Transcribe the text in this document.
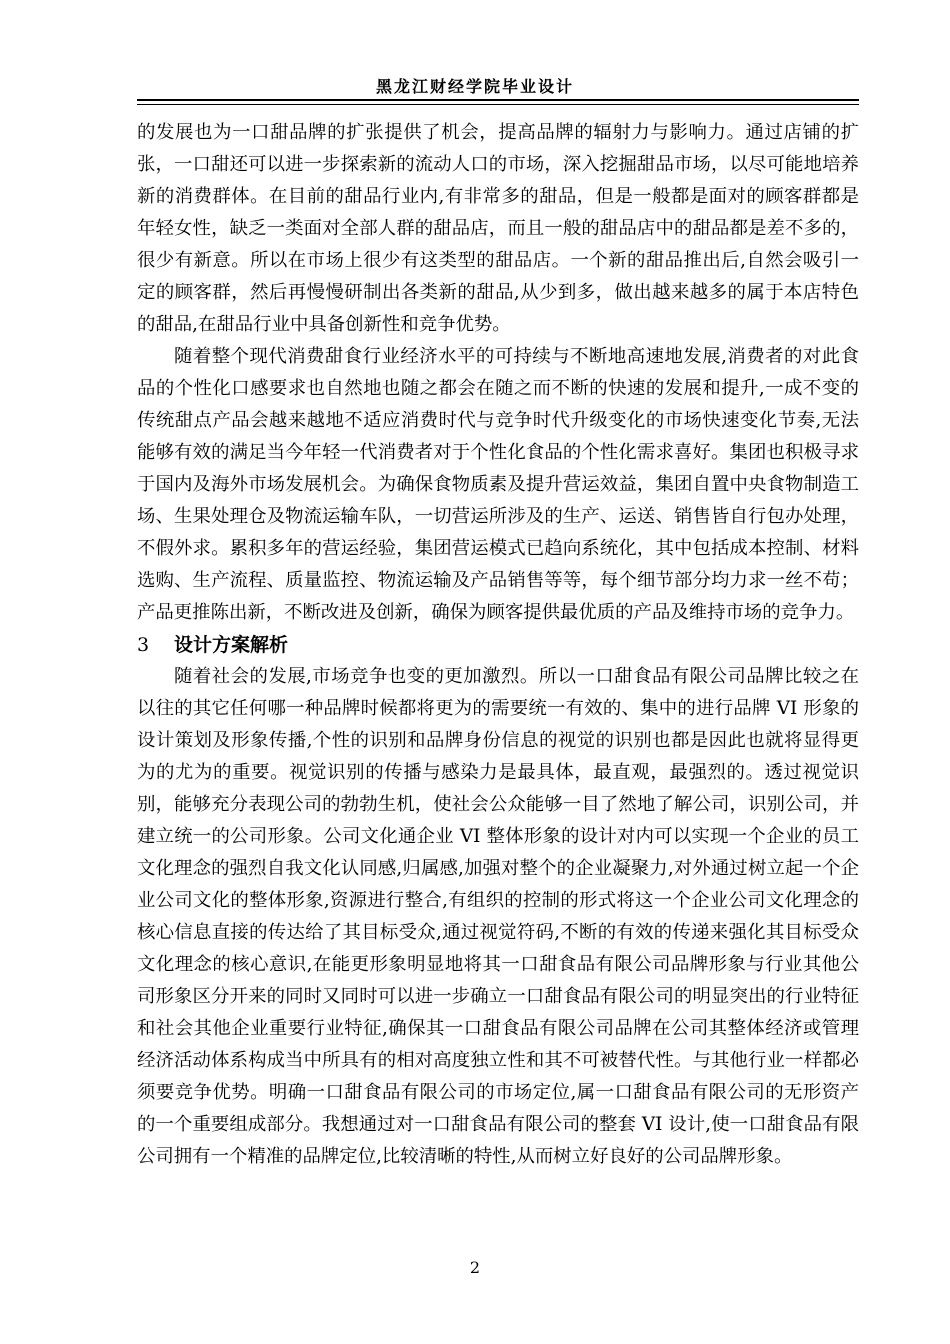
黑龙江财经学院毕业设计

的发展也为一口甜品牌的扩张提供了机会，提高品牌的辐射力与影响力。通过店铺的扩张，一口甜还可以进一步探索新的流动人口的市场，深入挖掘甜品市场，以尽可能地培养新的消费群体。在目前的甜品行业内,有非常多的甜品，但是一般都是面对的顾客群都是年轻女性，缺乏一类面对全部人群的甜品店，而且一般的甜品店中的甜品都是差不多的，很少有新意。所以在市场上很少有这类型的甜品店。一个新的甜品推出后,自然会吸引一定的顾客群，然后再慢慢研制出各类新的甜品,从少到多，做出越来越多的属于本店特色的甜品,在甜品行业中具备创新性和竞争优势。

随着整个现代消费甜食行业经济水平的可持续与不断地高速地发展,消费者的对此食品的个性化口感要求也自然地也随之都会在随之而不断的快速的发展和提升,一成不变的传统甜点产品会越来越地不适应消费时代与竞争时代升级变化的市场快速变化节奏,无法能够有效的满足当今年轻一代消费者对于个性化食品的个性化需求喜好。集团也积极寻求于国内及海外市场发展机会。为确保食物质素及提升营运效益，集团自置中央食物制造工场、生果处理仓及物流运输车队，一切营运所涉及的生产、运送、销售皆自行包办处理，不假外求。累积多年的营运经验，集团营运模式已趋向系统化，其中包括成本控制、材料选购、生产流程、质量监控、物流运输及产品销售等等，每个细节部分均力求一丝不苟；产品更推陈出新，不断改进及创新，确保为顾客提供最优质的产品及维持市场的竞争力。

3 设计方案解析

随着社会的发展,市场竞争也变的更加激烈。所以一口甜食品有限公司品牌比较之在以往的其它任何哪一种品牌时候都将更为的需要统一有效的、集中的进行品牌 VI 形象的设计策划及形象传播,个性的识别和品牌身份信息的视觉的识别也都是因此也就将显得更为的尤为的重要。视觉识别的传播与感染力是最具体，最直观，最强烈的。透过视觉识别，能够充分表现公司的勃勃生机，使社会公众能够一目了然地了解公司，识别公司，并建立统一的公司形象。公司文化通企业 VI 整体形象的设计对内可以实现一个企业的员工文化理念的强烈自我文化认同感,归属感,加强对整个的企业凝聚力,对外通过树立起一个企业公司文化的整体形象,资源进行整合,有组织的控制的形式将这一个企业公司文化理念的核心信息直接的传达给了其目标受众,通过视觉符码,不断的有效的传递来强化其目标受众文化理念的核心意识,在能更形象明显地将其一口甜食品有限公司品牌形象与行业其他公司形象区分开来的同时又同时可以进一步确立一口甜食品有限公司的明显突出的行业特征和社会其他企业重要行业特征,确保其一口甜食品有限公司品牌在公司其整体经济或管理经济活动体系构成当中所具有的相对高度独立性和其不可被替代性。与其他行业一样都必须要竞争优势。明确一口甜食品有限公司的市场定位,属一口甜食品有限公司的无形资产的一个重要组成部分。我想通过对一口甜食品有限公司的整套 VI 设计,使一口甜食品有限公司拥有一个精准的品牌定位,比较清晰的特性,从而树立好良好的公司品牌形象。

2
